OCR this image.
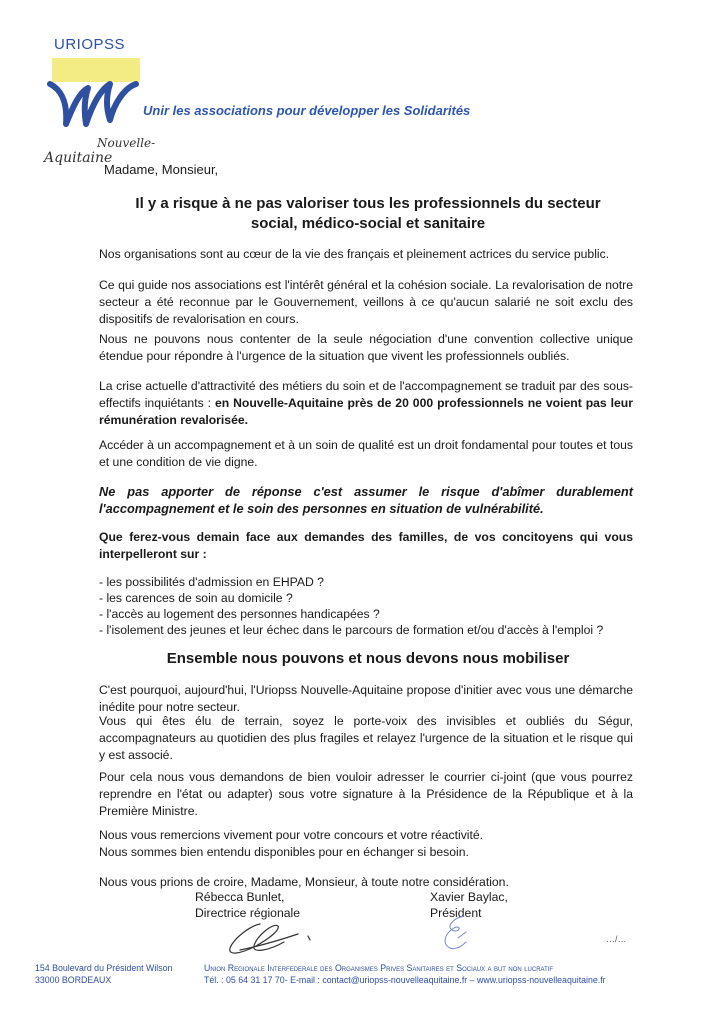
URIOPSS
Unir les associations pour développer les Solidarités
Nouvelle-
Aquitaine
Madame, Monsieur,
Il y a risque à ne pas valoriser tous les professionnels du secteur
social, médico-social et sanitaire

Nos organisations sont au cœur de la vie des français et pleinement actrices du service public.

Ce qui guide nos associations est l'intérêt général et la cohésion sociale. La revalorisation de notre secteur a été reconnue par le Gouvernement, veillons à ce qu'aucun salarié ne soit exclu des dispositifs de revalorisation en cours.

Nous ne pouvons nous contenter de la seule négociation d'une convention collective unique étendue pour répondre à l'urgence de la situation que vivent les professionnels oubliés.

La crise actuelle d'attractivité des métiers du soin et de l'accompagnement se traduit par des sous-effectifs inquiétants : en Nouvelle-Aquitaine près de 20 000 professionnels ne voient pas leur rémunération revalorisée.

Accéder à un accompagnement et à un soin de qualité est un droit fondamental pour toutes et tous et une condition de vie digne.

Ne pas apporter de réponse c'est assumer le risque d'abîmer durablement l'accompagnement et le soin des personnes en situation de vulnérabilité.

Que ferez-vous demain face aux demandes des familles, de vos concitoyens qui vous interpelleront sur :

- les possibilités d'admission en EHPAD ?
- les carences de soin au domicile ?
- l'accès au logement des personnes handicapées ?
- l'isolement des jeunes et leur échec dans le parcours de formation et/ou d'accès à l'emploi ?
Ensemble nous pouvons et nous devons nous mobiliser

C'est pourquoi, aujourd'hui, l'Uriopss Nouvelle-Aquitaine propose d'initier avec vous une démarche inédite pour notre secteur.

Vous qui êtes élu de terrain, soyez le porte-voix des invisibles et oubliés du Ségur, accompagnateurs au quotidien des plus fragiles et relayez l'urgence de la situation et le risque qui y est associé.

Pour cela nous vous demandons de bien vouloir adresser le courrier ci-joint (que vous pourrez reprendre en l'état ou adapter) sous votre signature à la Présidence de la République et à la Première Ministre.

Nous vous remercions vivement pour votre concours et votre réactivité.
Nous sommes bien entendu disponibles pour en échanger si besoin.
Nous vous prions de croire, Madame, Monsieur, à toute notre considération.
Rébecca Bunlet,
Directrice régionale
Xavier Baylac,
Président
…/…
154 Boulevard du Président Wilson
33000 BORDEAUX
Union Regionale Interfederale des Organismes Prives Sanitaires et Sociaux a but non lucratif
Tél. : 05 64 31 17 70- E-mail : contact@uriopss-nouvelleaquitaine.fr – www.uriopss-nouvelleaquitaine.fr
